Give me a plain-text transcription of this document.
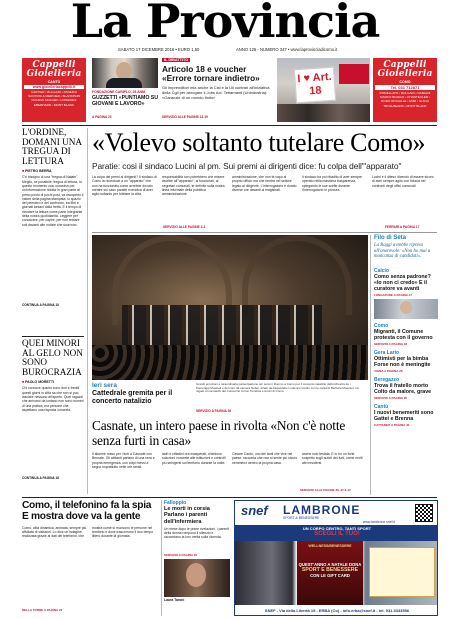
La Provincia
SABATO 17 DICEMBRE 2016 • EURO 1,50	ANNO 125 - NUMERO 347 • www.laprovinciadicomo.it
Cappelli
Gioielleria
CANTÙ
www.gioielleriacappelli.it
CARTIER • BULGARI • PANERAI SANTONI & MERCIER • BLANCPAIN FRANCK MULLER • LONGINES EBERHARD • MONT BLANC
Cappelli
Gioielleria
COMO
Tel. 031 712871
POMELLATO • BULGARI • DAMIANI MARCO BICEGO • CHANTECLER • DODO ROCAILLE • MIMI • GUCCI TROLLBEADS • MONT BLANC
FONDAZIONE CARIPLO, 25 ANNI
GUZZETTI «PUNTIAMO SU GIOVANI E LAVORO»
A PAGINA 23
IL DIBATTITO
Articolo 18 e voucher «Errore tornare indietro»
Gli imprenditori mia anche la Cisl e la Uil contrari all'iniziativa della Cgil per abrogare il Jobs Act. Tettamanti (Unindustria): «Garanzie di un mondo finito»
SERVIZIO ALLE PAGINE 13-19
I ♥ Art. 18
L'ORDINE, DOMANI UNA TREGUA DI LETTURA
■ PIETRO BERRA
C'è bisogno di una "tregua di Natale". Meglio, se possibile, tregua di lettura. In questo momento così convulso per un'informazione ridotta in gran parte al primo posto di pochi post, va riscoperto il valore della pagina stampata, lo spazio del pensiero e del confronto, tra libri e giornali lontani dalla fretta. E il tempo di ritrovare la lettura come parte integrante della nostra quotidianità. Leggere per conoscere, per capire, per non restare soli davanti alle notizie che scorrono.
CONTINUA A PAGINA 10
QUEI MINORI AL GELO NON SONO BUROCRAZIA
■ PAOLO MORETTI
Chi conosce quanto sono duri e freddi questi giorni in città sa che non si può lasciare nessuno all'aperto. Quei ragazzi che arrivano da lontano non sono numeri di una pratica, ma persone che aspettano una risposta concreta.
CONTINUA A PAGINA 16
«Volevo soltanto tutelare Como»
Paratie: cosi il sindaco Lucini al pm. Sui premi ai dirigenti dice: fu colpa dell'"apparato"
La colpa dei premi ai dirigenti? Il sindaco di Como la riconduce a un "apparato" che non ha funzionato come avrebbe dovuto, mentre sul caso paratie rivendica di aver agito soltanto per tutelare la città.
responsabilità non potrebbero che essere ascritte all'"apparato", ai funzionari, ai segretari comunali, te definito sulla nostra linea informale della pubblica amministrazione.
amministrazione, che non fa capo al proprio ufficio ma che rientra nel settore legato al dirigente. L'interrogatorio è durato diverse ore davanti ai magistrati.
Il sindaco ha poi ribadito di aver sempre operato nella massima trasparenza, spiegando le sue scelte durante l'interrogatorio in procura.
Lucini e il difeso dicendo di essere sicuro di aver sempre agito con fiducia nei confronti degli uffici comunali.
SERVIZIO ALLE PAGINE 2-3	FERRARI A PAGINA 17
Ieri sera
Cattedrale gremita per il concerto natalizio
Grandi emozioni e straordinaria partecipazione ieri sera in Duomo a Como per il concerto natalizio dell'orchestra de i Pomeriggi Musicali e del coro da camera Nebel, diretti da Alessandro Ludovico Codini con le cantanti Barbara Moscani. Un regalo ai comaschi del Consorzio Como Turistica e Amici di Como.
SERVIZIO A PAGINA 39
Filo di Seta
La Raggi avrebbe ripreso all'onorevole: «Non ho mai a mancanza di candidati».
Calcio
Como senza padrone? «Io non ci credo» E il curatore va avanti
LONGATORE A PAGINA 47
Como
Migranti, il Comune protesta con il governo
SERVIZIO A PAGINA 18
Gera Lario
Ottimisti per la bimba Forse non è meningite
VIGNA A PAGINA 26
Beregazzo
Trova il fratello morto Colto da malore, grave
SERVIZIO A PAGINA 35
Cantù
I nuovi benemeriti sono Gattei e Brenna
CATTANEO A PAGINA 40
Casnate, un intero paese in rivolta «Non c'è notte senza furti in casa»
Il allarme rosso per i furti a Casnate con Bernate. Gli abitanti parlano di una vera e propria emergenza, con colpi messi a segno soprattutto nelle ore serali.
ladri e cittadini ora esasperati, chiedono soluzioni concrete alle istituzioni e controlli più stringenti sul territorio durante la notte.
Cesare Cantù, uno dei tanti che vive nel paese, racconta che non si sente più sicuro nemmeno dentro la propria casa.
anche solo testata. E lo ho un forte sospetto sugli autori dei furti, come molti altri residenti.
SERVIZIO ALLE PAGINE 36, 37 E 47
Como, il telefonino fa la spia E mostra dove va la gente
Como, città dinamica, animata, sempre più affollata di visitatori. Lo dice un'indagine realizzata grazie ai dati dei telefonini, che mostra come si muovono le persone nel territorio e dove trascorrono il loro tempo libero durante la giornata.
DELLA TORRE A PAGINA 22
Falloppio
Le morti in corsia Parlano i parenti dell'infermiera
Un mese dopo le prime rivelazioni, i parenti della donna rompono il silenzio e raccontano la loro verità sulla vicenda.
SERVIZIO A PAGINA 29
Laura Taroni
snef LAMBRONE
SPORT & BENESSERE
www.lambrone.snef.it
UN CORPO CENTRO, TANTI SPORT
SCEGLI IL TUO!
WELLNESS/BENESSERE
QUEST'ANNO A NATALE DONA
SPORT E BENESSERE
CON LE GIFT CARD
SNEF - Via della Libertà 15 - ERBA (Co) - info.erba@snef.it - tel. 031.3333556
